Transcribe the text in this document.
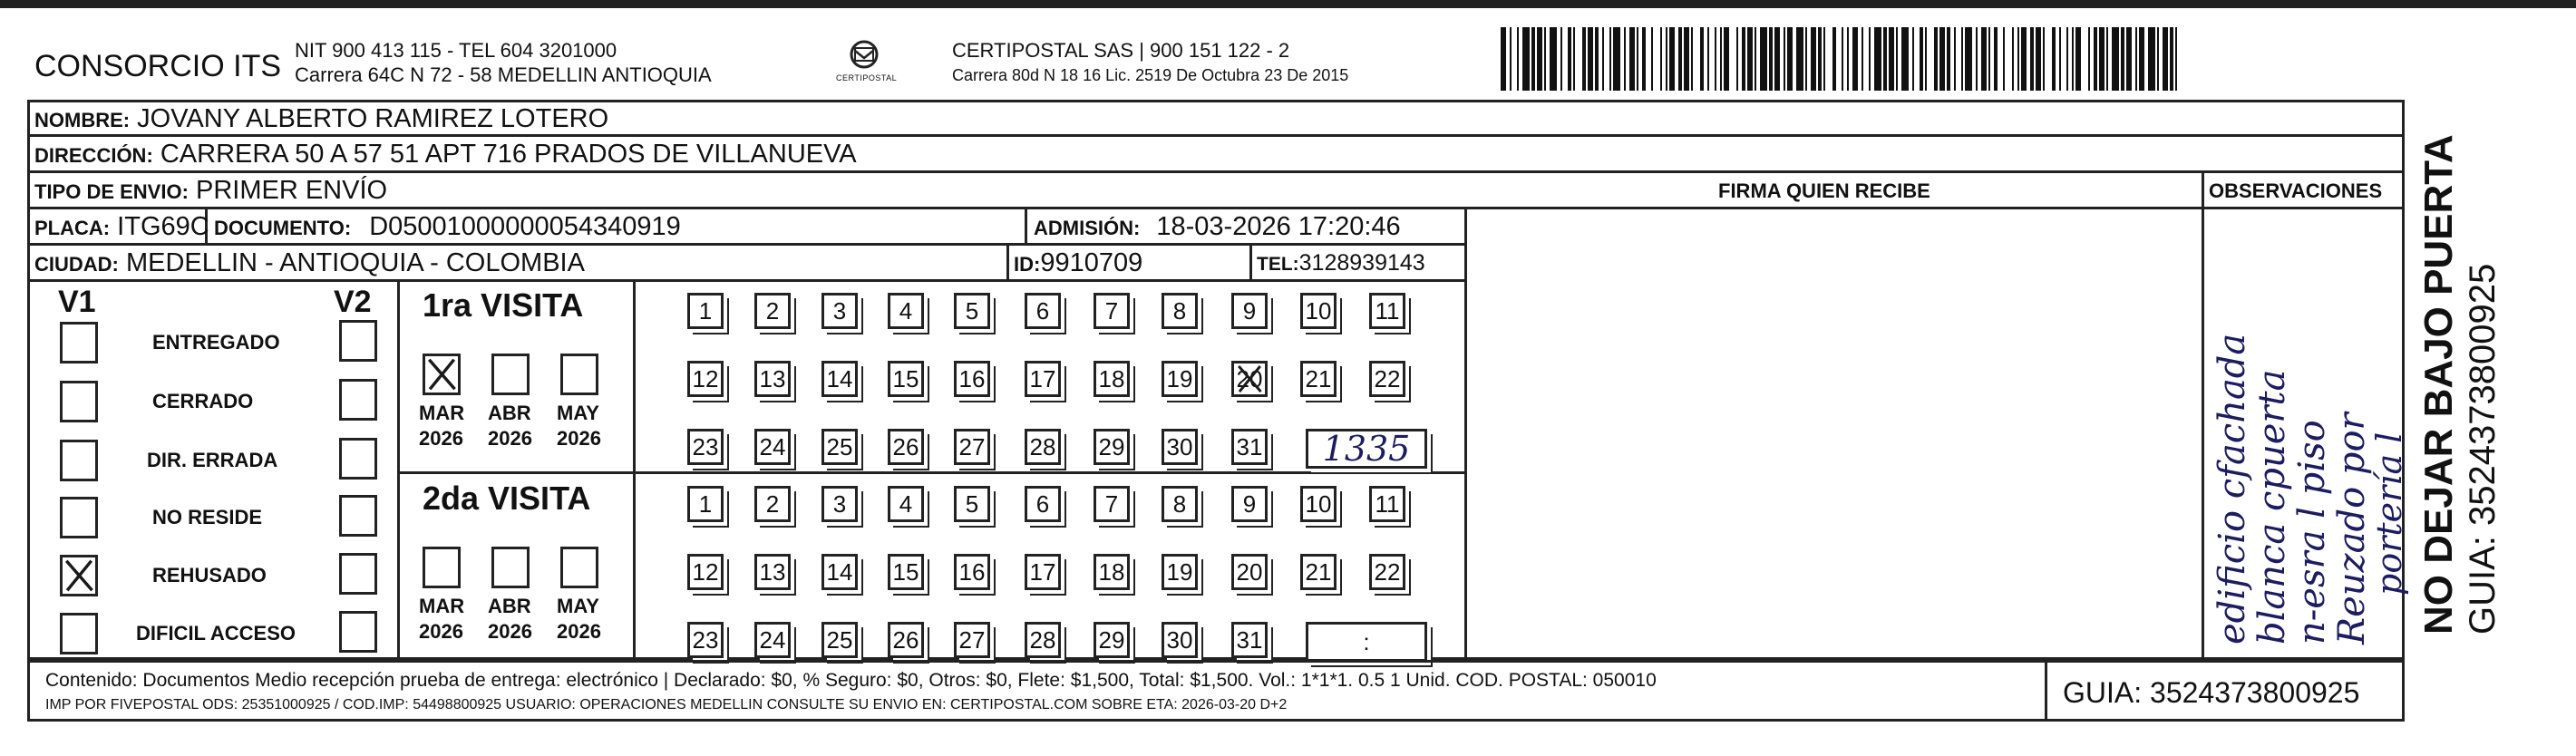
CONSORCIO ITS NIT 900 413 115 - TEL 604 3201000
Carrera 64C N 72 - 58 MEDELLIN ANTIOQUIA	CERTIPOSTAL
CERTIPOSTAL SAS | 900 151 122 - 2
Carrera 80d N 18 16 Lic. 2519 De Octubra 23 De 2015
NOMBRE: JOVANY ALBERTO RAMIREZ LOTERO
DIRECCIÓN: CARRERA 50 A 57 51 APT 716 PRADOS DE VILLANUEVA
TIPO DE ENVIO: PRIMER ENVÍO
PLACA: ITG69C DOCUMENTO: D05001000000054340919	ADMISIÓN: 18-03-2026 17:20:46
CIUDAD: MEDELLIN - ANTIOQUIA - COLOMBIA	ID:9910709	TEL:3128939143
FIRMA QUIEN RECIBE	OBSERVACIONES
edificio cfachada
blanca cpuerta
n-esra l piso
Reuzado por
portería l
V1	V2
ENTREGADO
CERRADO
DIR. ERRADA
NO RESIDE
REHUSADO
DIFICIL ACCESO
1ra VISITA
MAR
2026
ABR
2026
MAY
2026
1 2 3 4 5 6 7 8 9 10 11
12 13 14 15 16 17 18 19 20 21 22
23 24 25 26 27 28 29 30 31 1335
2da VISITA
MAR
2026
ABR
2026
MAY
2026
1 2 3 4 5 6 7 8 9 10 11
12 13 14 15 16 17 18 19 20 21 22
23 24 25 26 27 28 29 30 31	:
Contenido: Documentos Medio recepción prueba de entrega: electrónico | Declarado: $0, % Seguro: $0, Otros: $0, Flete: $1,500, Total: $1,500. Vol.: 1*1*1. 0.5 1 Unid. COD. POSTAL: 050010
IMP POR FIVEPOSTAL ODS: 25351000925 / COD.IMP: 54498800925 USUARIO: OPERACIONES MEDELLIN CONSULTE SU ENVIO EN: CERTIPOSTAL.COM SOBRE ETA: 2026-03-20 D+2	GUIA: 3524373800925
NO DEJAR BAJO PUERTA GUIA: 3524373800925
